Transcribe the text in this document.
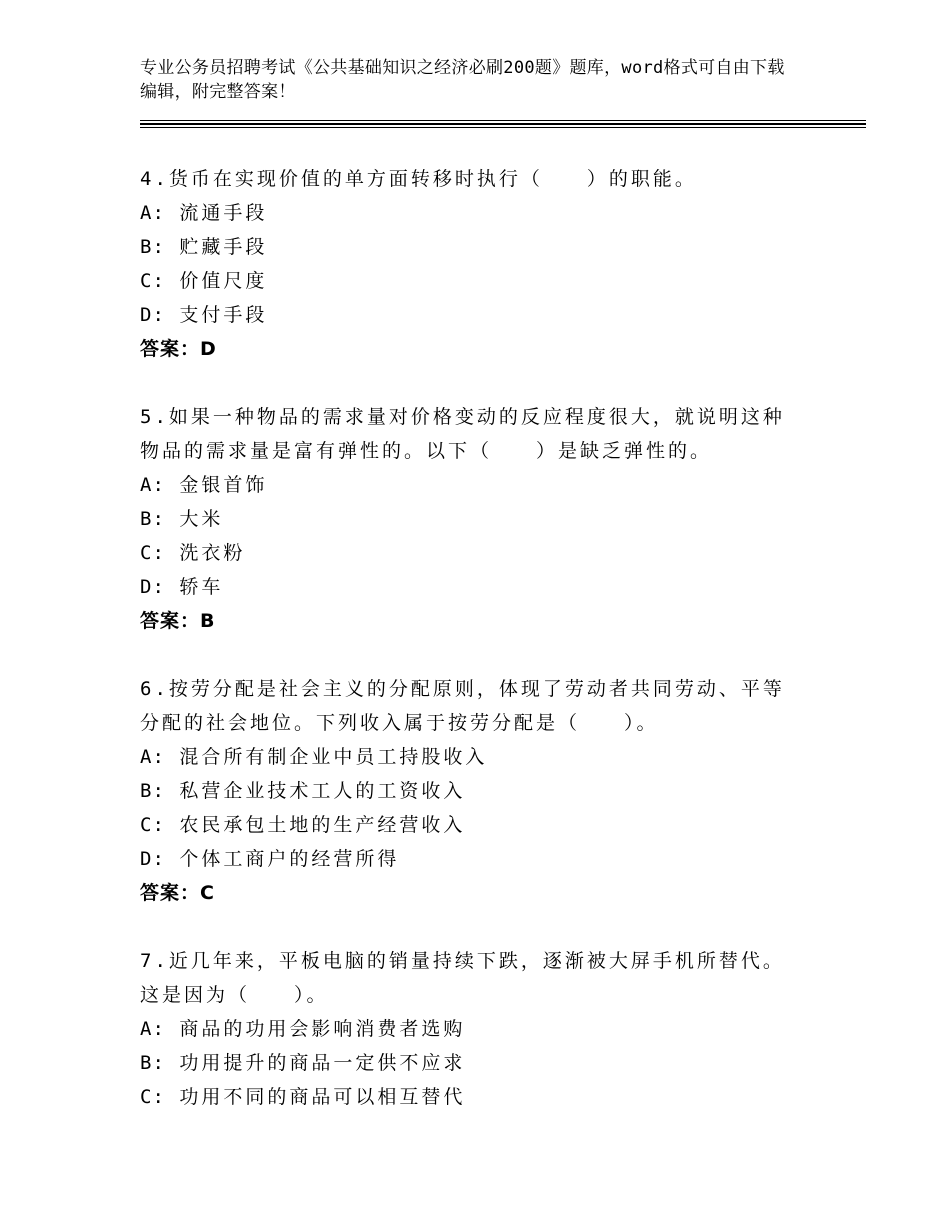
专业公务员招聘考试《公共基础知识之经济必刷200题》题库，word格式可自由下载编辑，附完整答案！
4.货币在实现价值的单方面转移时执行（　　）的职能。
A: 流通手段
B: 贮藏手段
C: 价值尺度
D: 支付手段
答案：D
5.如果一种物品的需求量对价格变动的反应程度很大，就说明这种物品的需求量是富有弹性的。以下（　　）是缺乏弹性的。
A: 金银首饰
B: 大米
C: 洗衣粉
D: 轿车
答案：B
6.按劳分配是社会主义的分配原则，体现了劳动者共同劳动、平等分配的社会地位。下列收入属于按劳分配是（　　）。
A: 混合所有制企业中员工持股收入
B: 私营企业技术工人的工资收入
C: 农民承包土地的生产经营收入
D: 个体工商户的经营所得
答案：C
7.近几年来，平板电脑的销量持续下跌，逐渐被大屏手机所替代。这是因为（　　）。
A: 商品的功用会影响消费者选购
B: 功用提升的商品一定供不应求
C: 功用不同的商品可以相互替代
